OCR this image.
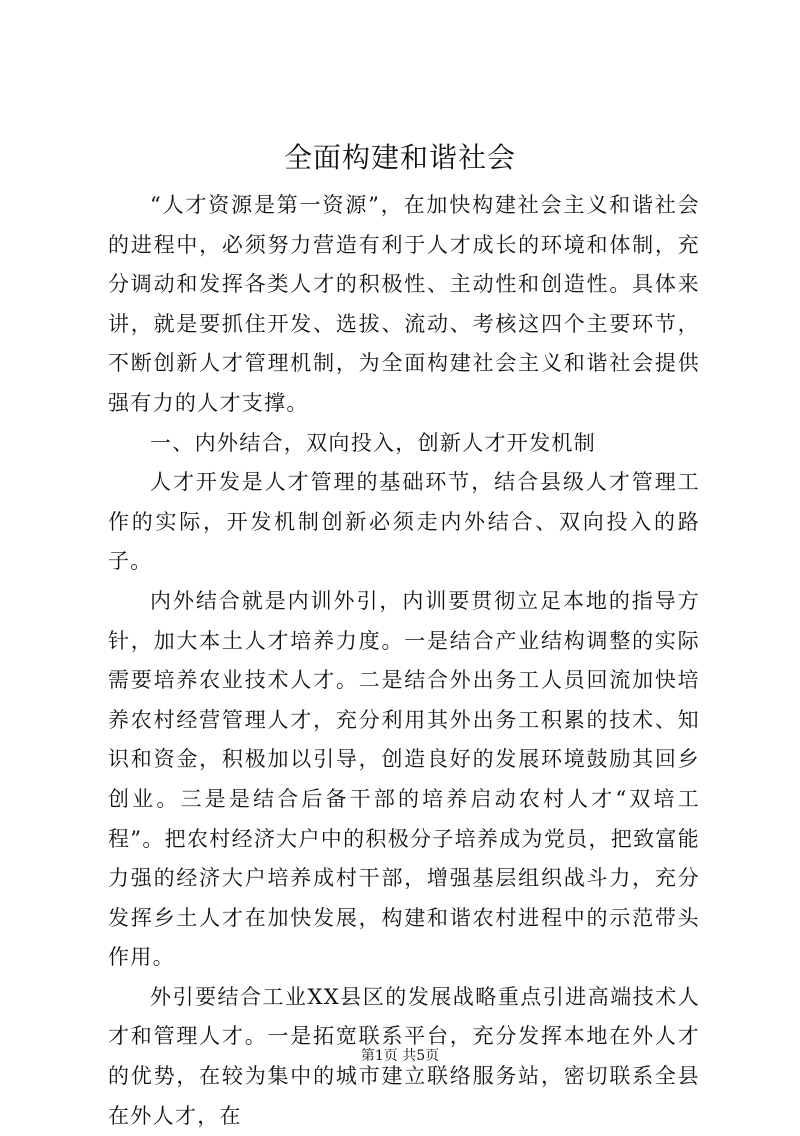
全面构建和谐社会

“人才资源是第一资源”，在加快构建社会主义和谐社会的进程中，必须努力营造有利于人才成长的环境和体制，充分调动和发挥各类人才的积极性、主动性和创造性。具体来讲，就是要抓住开发、选拔、流动、考核这四个主要环节，不断创新人才管理机制，为全面构建社会主义和谐社会提供强有力的人才支撑。

一、内外结合，双向投入，创新人才开发机制

人才开发是人才管理的基础环节，结合县级人才管理工作的实际，开发机制创新必须走内外结合、双向投入的路子。

内外结合就是内训外引，内训要贯彻立足本地的指导方针，加大本土人才培养力度。一是结合产业结构调整的实际需要培养农业技术人才。二是结合外出务工人员回流加快培养农村经营管理人才，充分利用其外出务工积累的技术、知识和资金，积极加以引导，创造良好的发展环境鼓励其回乡创业。三是是结合后备干部的培养启动农村人才“双培工程”。把农村经济大户中的积极分子培养成为党员，把致富能力强的经济大户培养成村干部，增强基层组织战斗力，充分发挥乡土人才在加快发展，构建和谐农村进程中的示范带头作用。

外引要结合工业XX县区的发展战略重点引进高端技术人才和管理人才。一是拓宽联系平台，充分发挥本地在外人才的优势，在较为集中的城市建立联络服务站，密切联系全县在外人才，在

第1页 共5页
